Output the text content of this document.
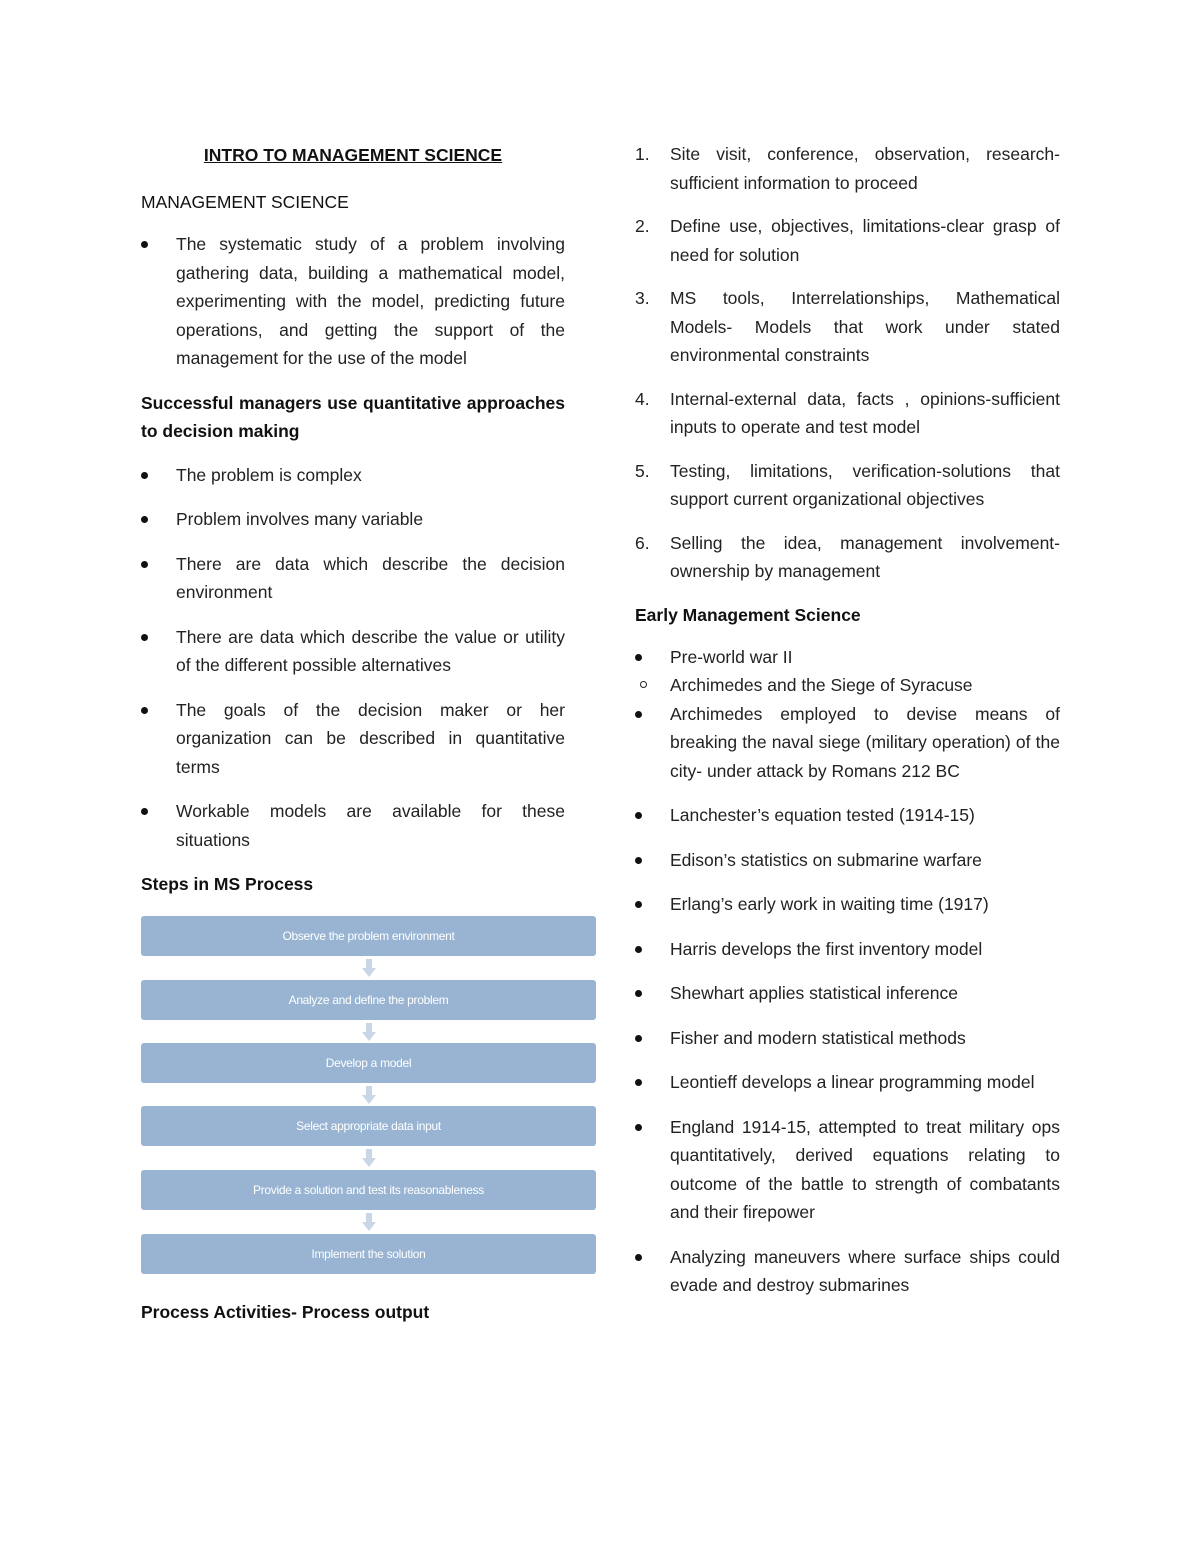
INTRO TO MANAGEMENT SCIENCE
MANAGEMENT SCIENCE
The systematic study of a problem involving gathering data, building a mathematical model, experimenting with the model, predicting future operations, and getting the support of the management for the use of the model
Successful managers use quantitative approaches to decision making
The problem is complex
Problem involves many variable
There are data which describe the decision environment
There are data which describe the value or utility of the different possible alternatives
The goals of the decision maker or her organization can be described in quantitative terms
Workable models are available for these situations
Steps in MS Process
Observe the problem environment
Analyze and define the problem
Develop a model
Select appropriate data input
Provide a solution and test its reasonableness
Implement the solution
Process Activities- Process output
1. Site visit, conference, observation, research-sufficient information to proceed
2. Define use, objectives, limitations-clear grasp of need for solution
3. MS tools, Interrelationships, Mathematical Models- Models that work under stated environmental constraints
4. Internal-external data, facts , opinions-sufficient inputs to operate and test model
5. Testing, limitations, verification-solutions that support current organizational objectives
6. Selling the idea, management involvement-ownership by management
Early Management Science
Pre-world war II
Archimedes and the Siege of Syracuse
Archimedes employed to devise means of breaking the naval siege (military operation) of the city- under attack by Romans 212 BC
Lanchester’s equation tested (1914-15)
Edison’s statistics on submarine warfare
Erlang’s early work in waiting time (1917)
Harris develops the first inventory model
Shewhart applies statistical inference
Fisher and modern statistical methods
Leontieff develops a linear programming model
England 1914-15, attempted to treat military ops quantitatively, derived equations relating to outcome of the battle to strength of combatants and their firepower
Analyzing maneuvers where surface ships could evade and destroy submarines
